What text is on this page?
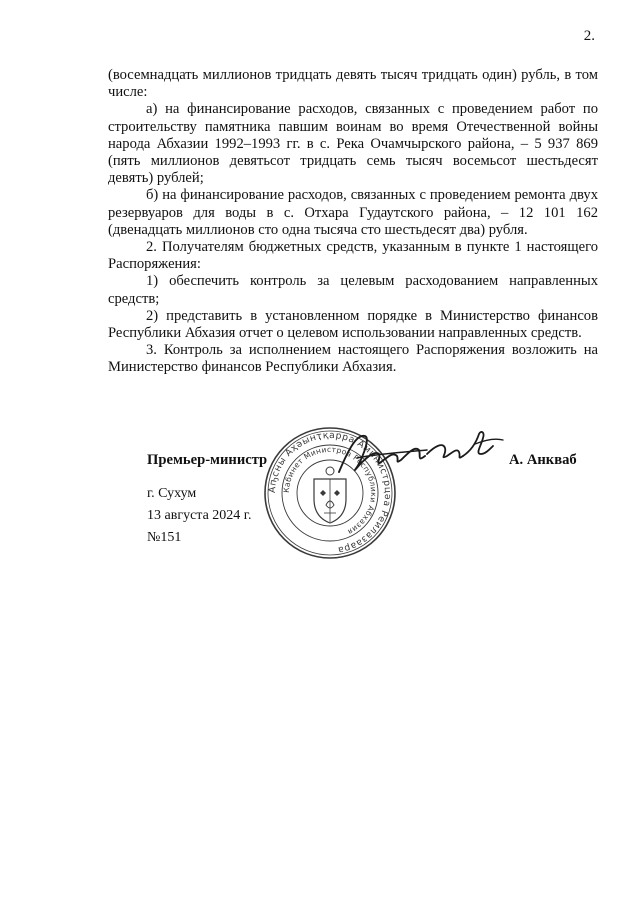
2.

(восемнадцать миллионов тридцать девять тысяч тридцать один) рубль, в том числе:

а) на финансирование расходов, связанных с проведением работ по строительству памятника павшим воинам во время Отечественной войны народа Абхазии 1992–1993 гг. в с. Река Очамчырского района, – 5 937 869 (пять миллионов девятьсот тридцать семь тысяч восемьсот шестьдесят девять) рублей;

б) на финансирование расходов, связанных с проведением ремонта двух резервуаров для воды в с. Отхара Гудаутского района, – 12 101 162 (двенадцать миллионов сто одна тысяча сто шестьдесят два) рубля.

2. Получателям бюджетных средств, указанным в пункте 1 настоящего Распоряжения:

1) обеспечить контроль за целевым расходованием направленных средств;

2) представить в установленном порядке в Министерство финансов Республики Абхазия отчет о целевом использовании направленных средств.

3. Контроль за исполнением настоящего Распоряжения возложить на Министерство финансов Республики Абхазия.

Аҧсны Аҳәынҭқарра Аминистрцәа Реилазаара
Кабинет Министров Республики Абхазия
Премьер-министр	А. Анкваб
г. Сухум
13 августа 2024 г.
№151
